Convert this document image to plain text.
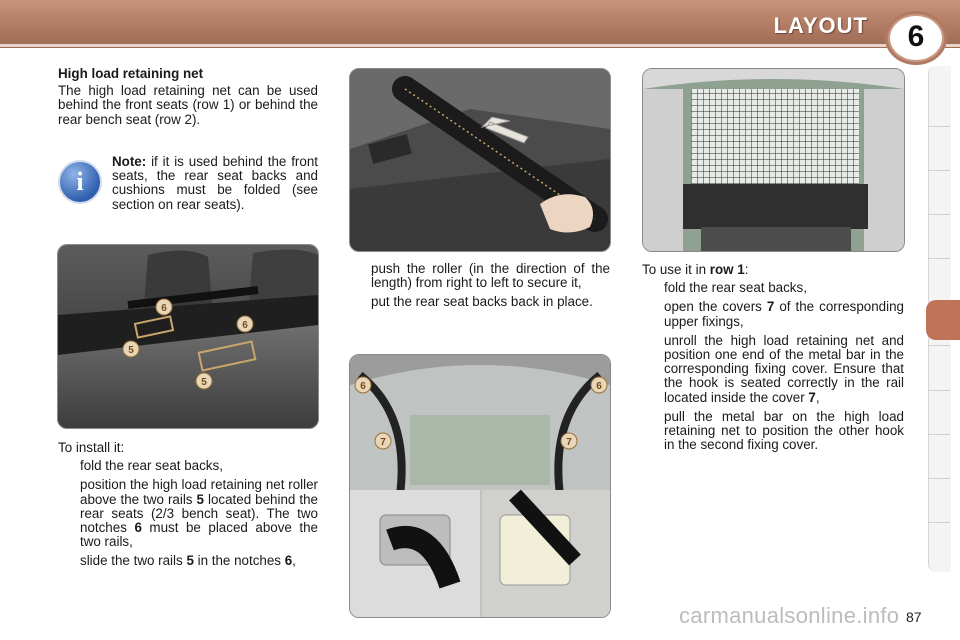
LAYOUT	6

High load retaining net

The high load retaining net can be used behind the front seats (row 1) or behind the rear bench seat (row 2).

i

Note: if it is used behind the front seats, the rear seat backs and cushions must be folded (see section on rear seats).

6
6
5
5

To install it:

fold the rear seat backs,
position the high load retaining net roller above the two rails 5 located behind the rear seats (2/3 bench seat). The two notches 6 must be placed above the two rails,
slide the two rails 5 in the notches 6,
push the roller (in the direction of the length) from right to left to secure it,
put the rear seat backs back in place.
6	6
7	7

To use it in row 1:

fold the rear seat backs,
open the covers 7 of the corresponding upper fixings,
unroll the high load retaining net and position one end of the metal bar in the corresponding fixing cover. Ensure that the hook is seated correctly in the rail located inside the cover 7,
pull the metal bar on the high load retaining net to position the other hook in the second fixing cover.
87
carmanualsonline.info
